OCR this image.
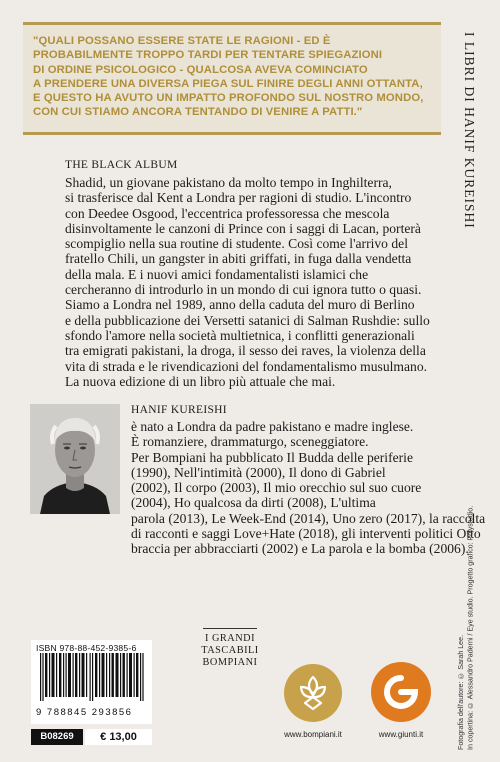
"QUALI POSSANO ESSERE STATE LE RAGIONI - ED È
PROBABILMENTE TROPPO TARDI PER TENTARE SPIEGAZIONI
DI ORDINE PSICOLOGICO - QUALCOSA AVEVA COMINCIATO
A PRENDERE UNA DIVERSA PIEGA SUL FINIRE DEGLI ANNI OTTANTA,
E QUESTO HA AVUTO UN IMPATTO PROFONDO SUL NOSTRO MONDO,
CON CUI STIAMO ANCORA TENTANDO DI VENIRE A PATTI."	I LIBRI DI HANIF KUREISHI
THE BLACK ALBUM
Shadid, un giovane pakistano da molto tempo in Inghilterra,
si trasferisce dal Kent a Londra per ragioni di studio. L'incontro
con Deedee Osgood, l'eccentrica professoressa che mescola
disinvoltamente le canzoni di Prince con i saggi di Lacan, porterà
scompiglio nella sua routine di studente. Così come l'arrivo del
fratello Chili, un gangster in abiti griffati, in fuga dalla vendetta
della mala. E i nuovi amici fondamentalisti islamici che
cercheranno di introdurlo in un mondo di cui ignora tutto o quasi.
Siamo a Londra nel 1989, anno della caduta del muro di Berlino
e della pubblicazione dei Versetti satanici di Salman Rushdie: sullo
sfondo l'amore nella società multietnica, i conflitti generazionali
tra emigrati pakistani, la droga, il sesso dei raves, la violenza della
vita di strada e le rivendicazioni del fondamentalismo musulmano.
La nuova edizione di un libro più attuale che mai.
HANIF KUREISHI
è nato a Londra da padre pakistano e madre inglese.
È romanziere, drammaturgo, sceneggiatore.
Per Bompiani ha pubblicato Il Budda delle periferie
(1990), Nell'intimità (2000), Il dono di Gabriel
(2002), Il corpo (2003), Il mio orecchio sul suo cuore
(2004), Ho qualcosa da dirti (2008), L'ultima
parola (2013), Le Week-End (2014), Uno zero (2017), la raccolta
di racconti e saggi Love+Hate (2018), gli interventi politici Otto
braccia per abbracciarti (2002) e La parola e la bomba (2006).
Fotografia dell'autore: © Sarah Lee. In copertina: © Alessandro Paderni / Eye studio. Progetto grafico: Polystudio.
ISBN 978-88-452-9385-6
9 788845 293856
B08269	€ 13,00
I GRANDI
TASCABILI
BOMPIANI
www.bompiani.it	www.giunti.it
